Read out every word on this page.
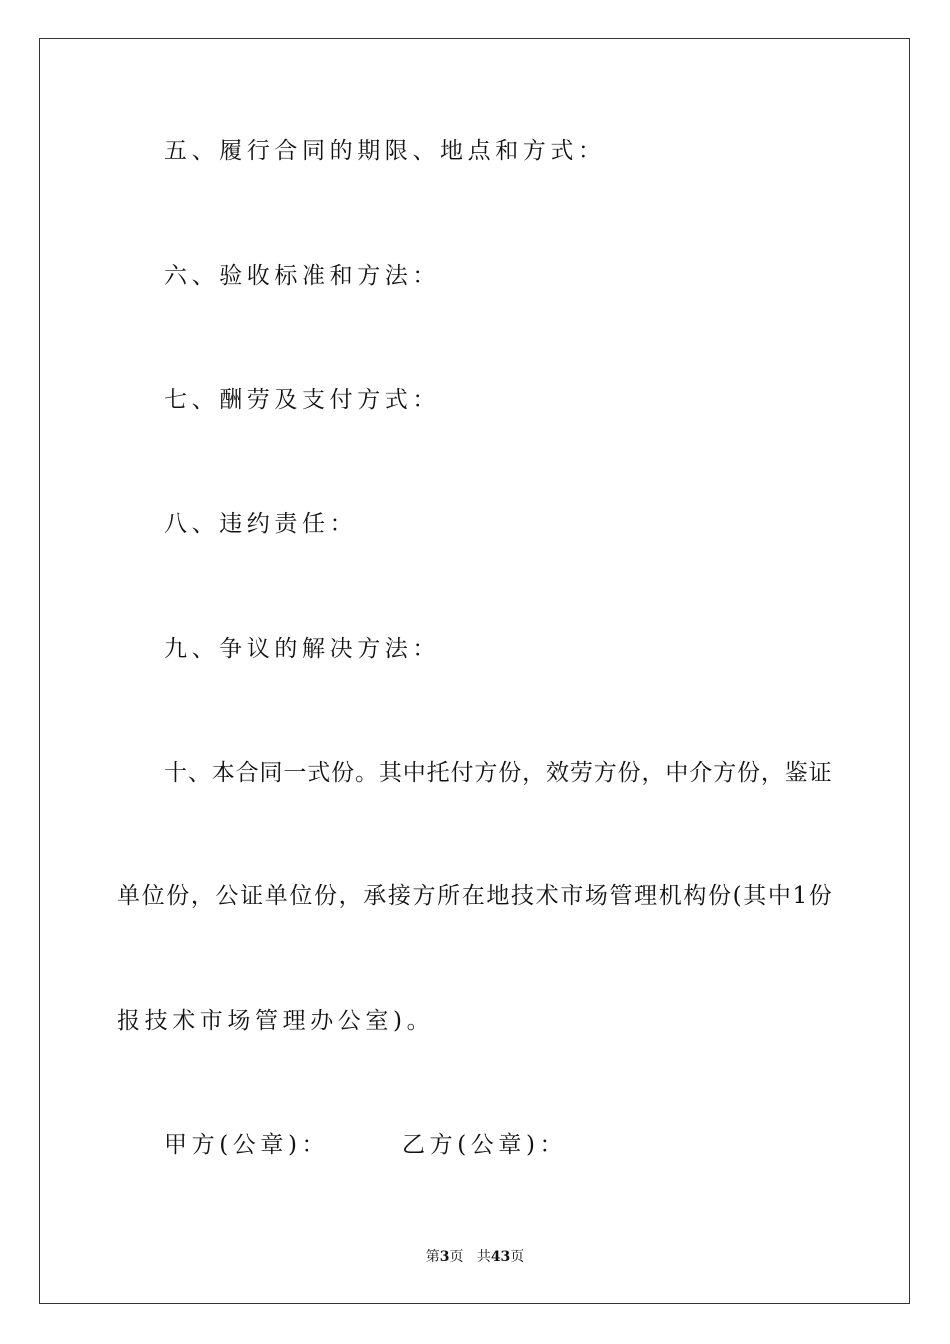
五、履行合同的期限、地点和方式：
六、验收标准和方法：
七、酬劳及支付方式：
八、违约责任：
九、争议的解决方法：
十 、 本 合 同 一 式 份 。 其 中 托 付 方 份 ， 效 劳 方 份 ， 中 介 方 份 ， 鉴 证
单 位 份 ， 公 证 单 位 份 ， 承 接 方 所 在 地 技 术 市 场 管 理 机 构 份 ( 其 中 1 份
报技术市场管理办公室)。
甲方(公章)：	乙方(公章)：
第3页 共43页
